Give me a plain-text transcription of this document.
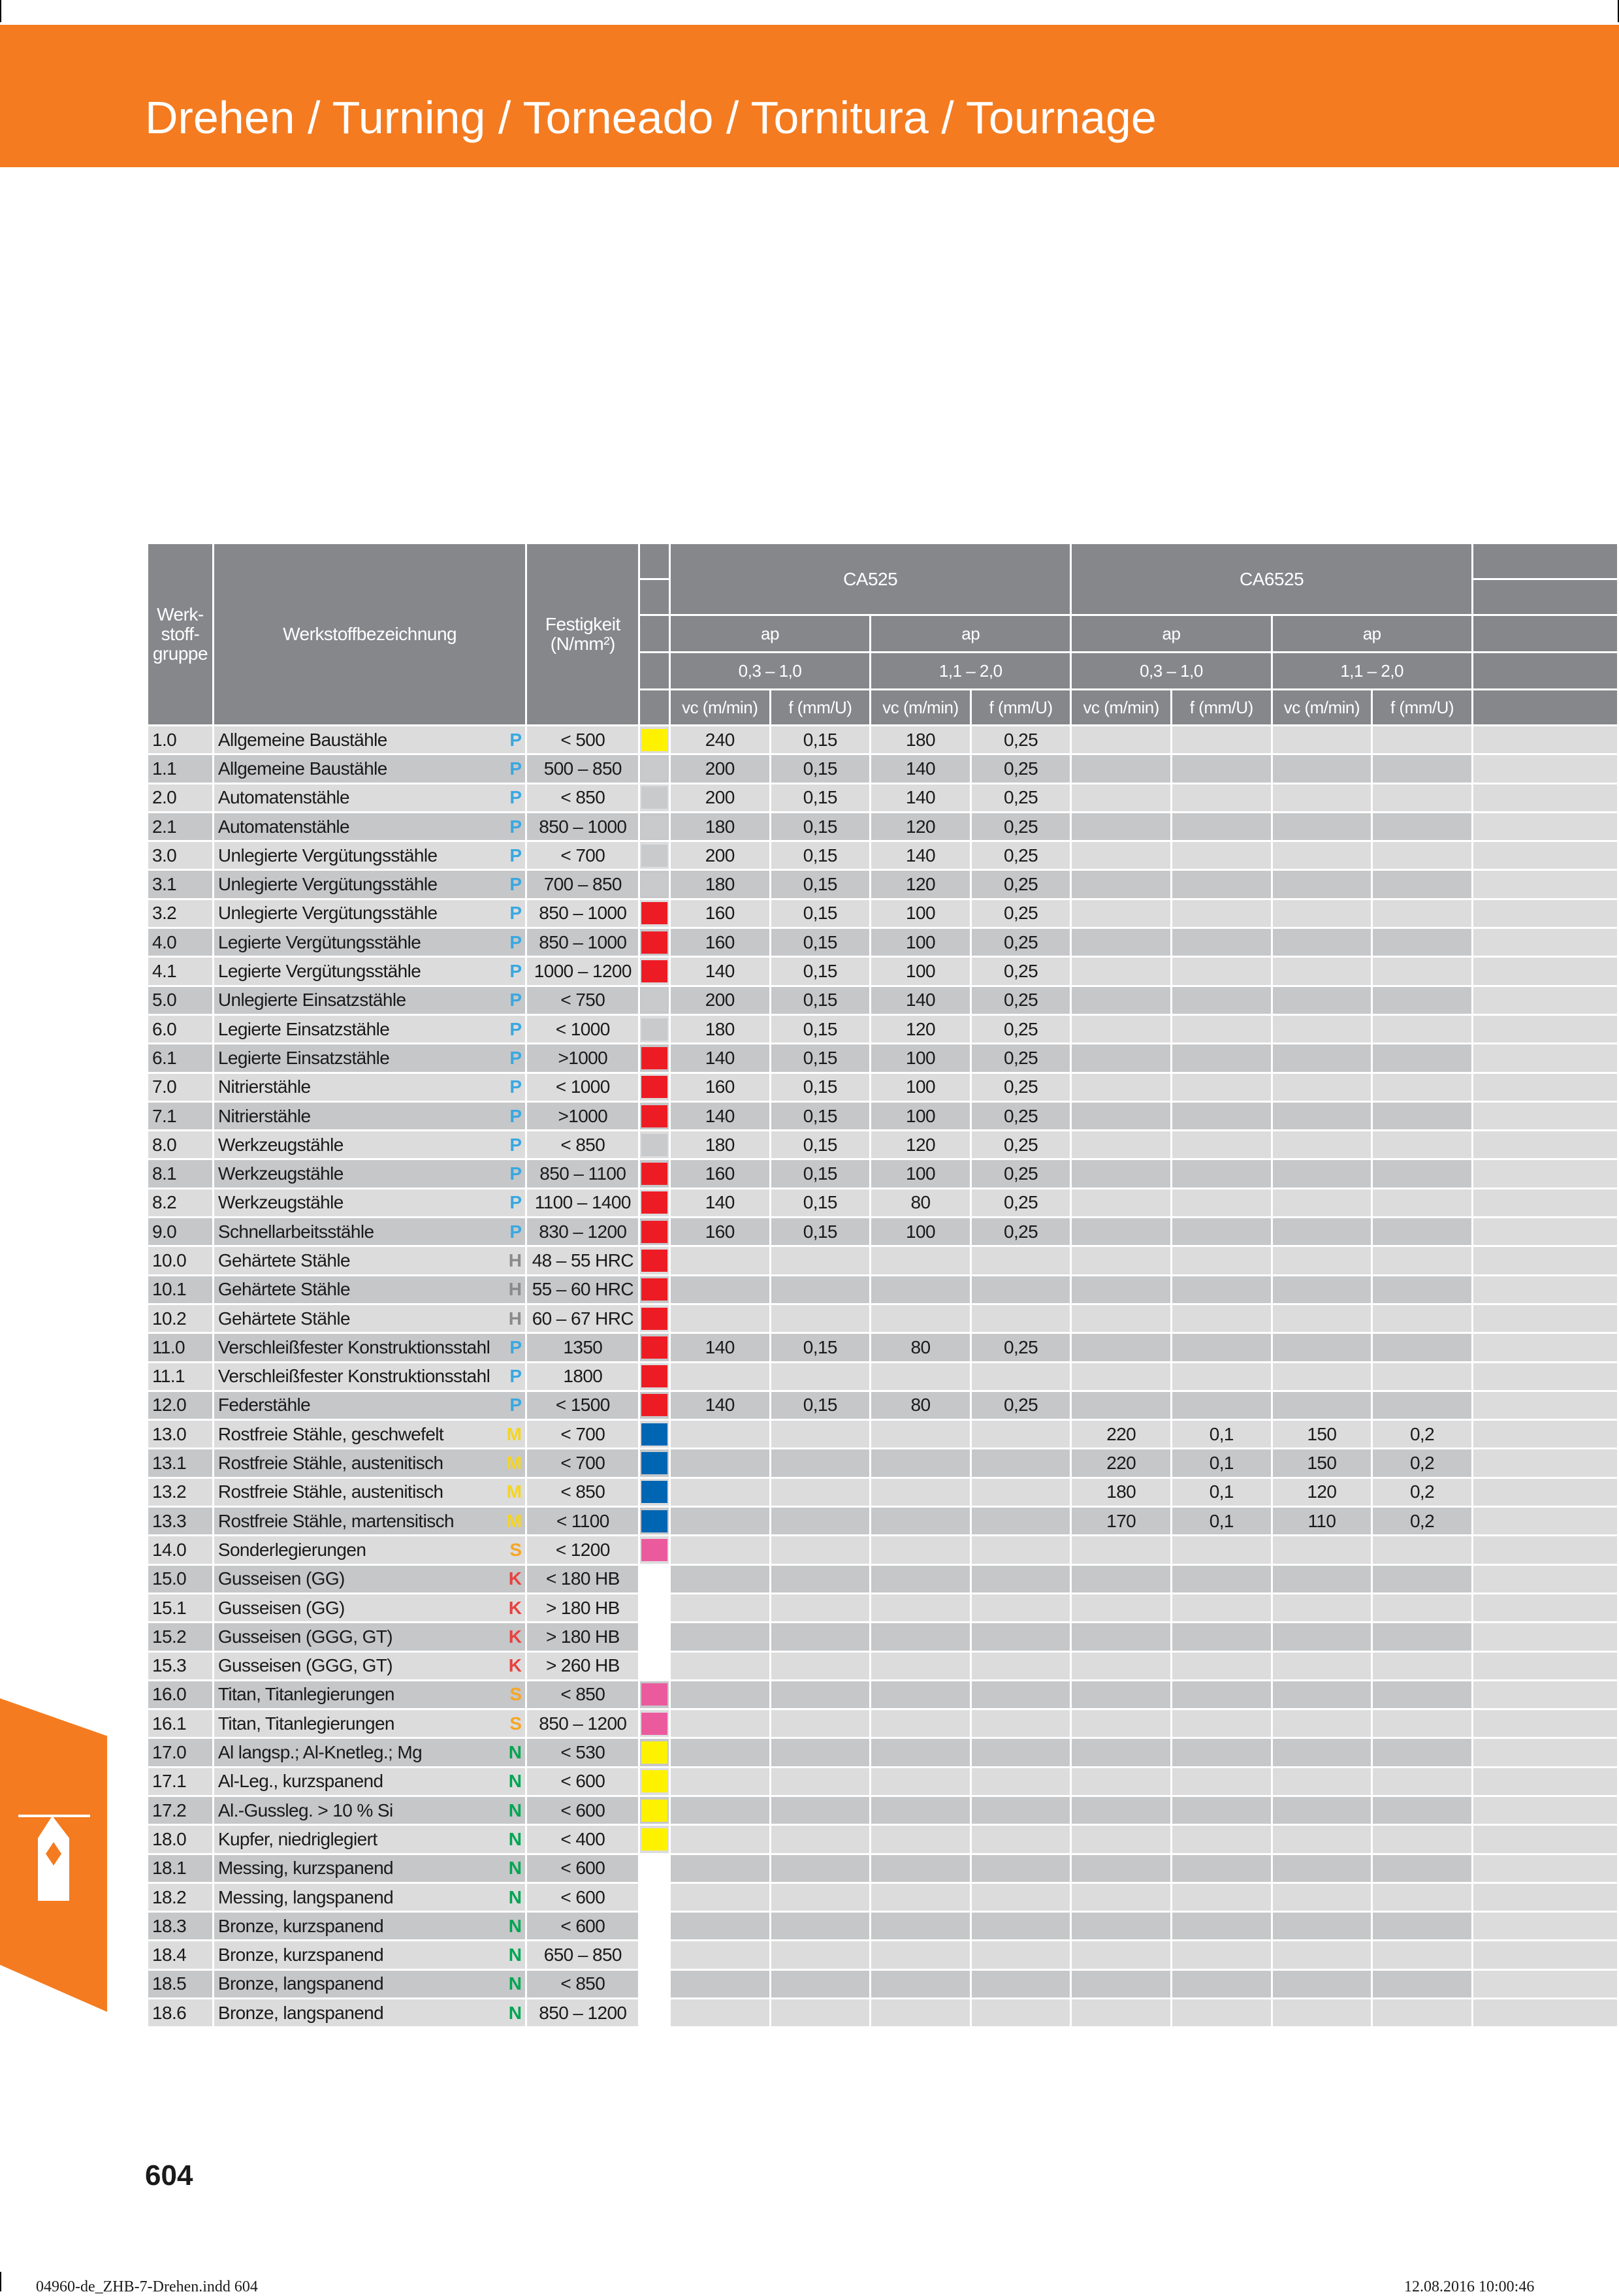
Drehen / Turning / Torneado / Tornitura / Tournage
Werk-
stoff-
gruppe	Werkstoffbezeichnung	Festigkeit
(N/mm²)		CA525				CA6525				

				ap		ap		ap		ap		
				0,3 – 1,0		1,1 – 2,0		0,3 – 1,0		1,1 – 2,0		
				vc (m/min)	f (mm/U)	vc (m/min)	f (mm/U)	vc (m/min)	f (mm/U)	vc (m/min)	f (mm/U)	
1.0	Allgemeine Baustähle P	< 500		240	0,15	180	0,25					
1.1	Allgemeine Baustähle P	500 – 850		200	0,15	140	0,25					
2.0	Automatenstähle P	< 850		200	0,15	140	0,25					
2.1	Automatenstähle P	850 – 1000		180	0,15	120	0,25					
3.0	Unlegierte Vergütungsstähle P	< 700		200	0,15	140	0,25					
3.1	Unlegierte Vergütungsstähle P	700 – 850		180	0,15	120	0,25					
3.2	Unlegierte Vergütungsstähle P	850 – 1000		160	0,15	100	0,25					
4.0	Legierte Vergütungsstähle P	850 – 1000		160	0,15	100	0,25					
4.1	Legierte Vergütungsstähle P	1000 – 1200		140	0,15	100	0,25					
5.0	Unlegierte Einsatzstähle P	< 750		200	0,15	140	0,25					
6.0	Legierte Einsatzstähle P	< 1000		180	0,15	120	0,25					
6.1	Legierte Einsatzstähle P	>1000		140	0,15	100	0,25					
7.0	Nitrierstähle P	< 1000		160	0,15	100	0,25					
7.1	Nitrierstähle P	>1000		140	0,15	100	0,25					
8.0	Werkzeugstähle P	< 850		180	0,15	120	0,25					
8.1	Werkzeugstähle P	850 – 1100		160	0,15	100	0,25					
8.2	Werkzeugstähle P	1100 – 1400		140	0,15	80	0,25					
9.0	Schnellarbeitsstähle P	830 – 1200		160	0,15	100	0,25					
10.0	Gehärtete Stähle H	48 – 55 HRC	

10.1	Gehärtete Stähle H	55 – 60 HRC	

10.2	Gehärtete Stähle H	60 – 67 HRC	

11.0	Verschleißfester Konstruktionsstahl P	1350		140	0,15	80	0,25					
11.1	Verschleißfester Konstruktionsstahl P	1800	

12.0	Federstähle P	< 1500		140	0,15	80	0,25					
13.0	Rostfreie Stähle, geschwefelt M	< 700						220	0,1	150	0,2	
13.1	Rostfreie Stähle, austenitisch M	< 700						220	0,1	150	0,2	
13.2	Rostfreie Stähle, austenitisch M	< 850						180	0,1	120	0,2	
13.3	Rostfreie Stähle, martensitisch M	< 1100						170	0,1	110	0,2	
14.0	Sonderlegierungen S	< 1200	

15.0	Gusseisen (GG) K	< 180 HB										
15.1	Gusseisen (GG) K	> 180 HB										
15.2	Gusseisen (GGG, GT) K	> 180 HB										
15.3	Gusseisen (GGG, GT) K	> 260 HB										
16.0	Titan, Titanlegierungen S	< 850	

16.1	Titan, Titanlegierungen S	850 – 1200	

17.0	Al langsp.; Al-Knetleg.; Mg N	< 530	

17.1	Al-Leg., kurzspanend N	< 600	

17.2	Al.-Gussleg. > 10 % Si N	< 600	

18.0	Kupfer, niedriglegiert N	< 400	

18.1	Messing, kurzspanend N	< 600										
18.2	Messing, langspanend N	< 600										
18.3	Bronze, kurzspanend N	< 600										
18.4	Bronze, kurzspanend N	650 – 850										
18.5	Bronze, langspanend N	< 850										
18.6	Bronze, langspanend N	850 – 1200										
604
04960-de_ZHB-7-Drehen.indd 604	12.08.2016 10:00:46
